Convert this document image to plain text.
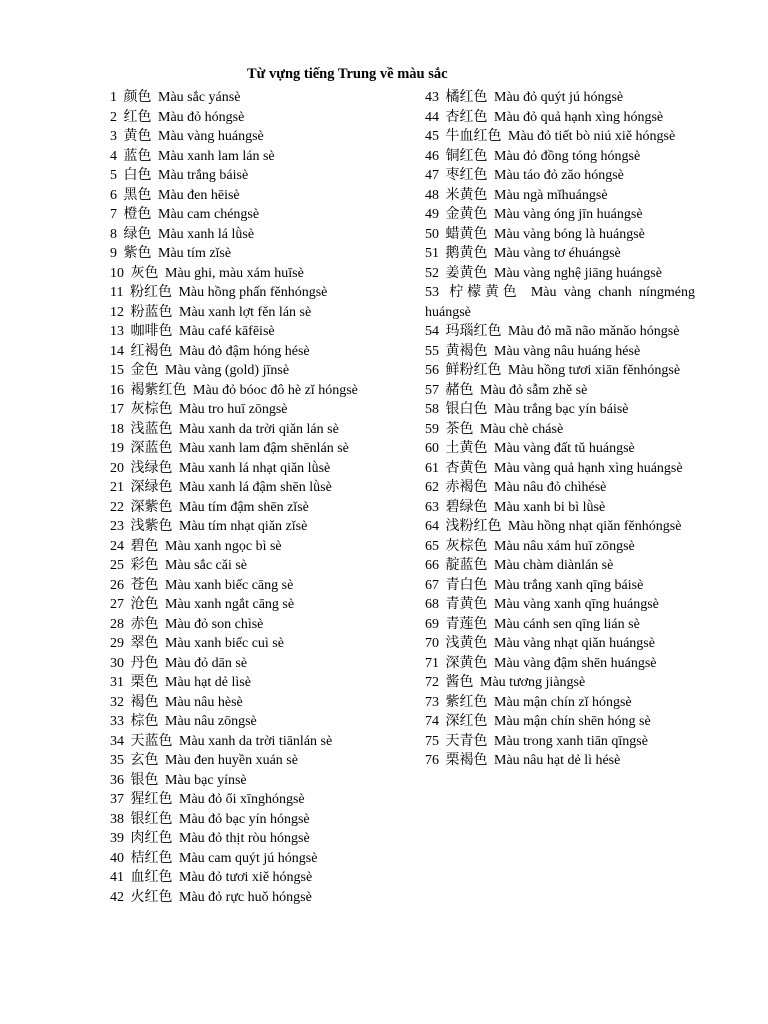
Từ vựng tiếng Trung về màu sắc
1 颜色 Màu sắc yánsè
2 红色 Màu đỏ hóngsè
3 黄色 Màu vàng huángsè
4 蓝色 Màu xanh lam lán sè
5 白色 Màu trắng báisè
6 黑色 Màu đen hēisè
7 橙色 Màu cam chéngsè
8 绿色 Màu xanh lá lǜsè
9 紫色 Màu tím zǐsè
10 灰色 Màu ghi, màu xám huīsè
11 粉红色 Màu hồng phấn fěnhóngsè
12 粉蓝色 Màu xanh lợt fěn lán sè
13 咖啡色 Màu café kāfēisè
14 红褐色 Màu đỏ đậm hóng hésè
15 金色 Màu vàng (gold) jīnsè
16 褐紫红色 Màu đỏ bóoc đô hè zǐ hóngsè
17 灰棕色 Màu tro huī zōngsè
18 浅蓝色 Màu xanh da trời qiǎn lán sè
19 深蓝色 Màu xanh lam đậm shēnlán sè
20 浅绿色 Màu xanh lá nhạt qiǎn lǜsè
21 深绿色 Màu xanh lá đậm shēn lǜsè
22 深紫色 Màu tím đậm shēn zǐsè
23 浅紫色 Màu tím nhạt qiǎn zǐsè
24 碧色 Màu xanh ngọc bì sè
25 彩色 Màu sắc cǎi sè
26 苍色 Màu xanh biếc cāng sè
27 沧色 Màu xanh ngắt cāng sè
28 赤色 Màu đỏ son chìsè
29 翠色 Màu xanh biếc cuì sè
30 丹色 Màu đỏ dān sè
31 栗色 Màu hạt dẻ lìsè
32 褐色 Màu nâu hèsè
33 棕色 Màu nâu zōngsè
34 天蓝色 Màu xanh da trời tiānlán sè
35 玄色 Màu đen huyền xuán sè
36 银色 Màu bạc yínsè
37 猩红色 Màu đỏ ổi xīnghóngsè
38 银红色 Màu đỏ bạc yín hóngsè
39 肉红色 Màu đỏ thịt ròu hóngsè
40 桔红色 Màu cam quýt jú hóngsè
41 血红色 Màu đỏ tươi xiě hóngsè
42 火红色 Màu đỏ rực huǒ hóngsè
43 橘红色 Màu đỏ quýt jú hóngsè
44 杏红色 Màu đỏ quả hạnh xìng hóngsè
45 牛血红色 Màu đỏ tiết bò niú xiě hóngsè
46 铜红色 Màu đỏ đồng tóng hóngsè
47 枣红色 Màu táo đỏ zǎo hóngsè
48 米黄色 Màu ngà mǐhuángsè
49 金黄色 Màu vàng óng jīn huángsè
50 蜡黄色 Màu vàng bóng là huángsè
51 鹅黄色 Màu vàng tơ éhuángsè
52 姜黄色 Màu vàng nghệ jiāng huángsè
53 柠檬黄色 Màu vàng chanh níngméng huángsè
54 玛瑙红色 Màu đỏ mã não mǎnǎo hóngsè
55 黄褐色 Màu vàng nâu huáng hésè
56 鲜粉红色 Màu hồng tươi xiān fěnhóngsè
57 赭色 Màu đỏ sẫm zhě sè
58 银白色 Màu trắng bạc yín báisè
59 茶色 Màu chè chásè
60 土黄色 Màu vàng đất tǔ huángsè
61 杏黄色 Màu vàng quả hạnh xìng huángsè
62 赤褐色 Màu nâu đỏ chìhésè
63 碧绿色 Màu xanh bi bì lǜsè
64 浅粉红色 Màu hồng nhạt qiǎn fěnhóngsè
65 灰棕色 Màu nâu xám huī zōngsè
66 靛蓝色 Màu chàm diànlán sè
67 青白色 Màu trắng xanh qīng báisè
68 青黄色 Màu vàng xanh qīng huángsè
69 青莲色 Màu cánh sen qīng lián sè
70 浅黄色 Màu vàng nhạt qiǎn huángsè
71 深黄色 Màu vàng đậm shēn huángsè
72 酱色 Màu tương jiàngsè
73 紫红色 Màu mận chín zǐ hóngsè
74 深红色 Màu mận chín shēn hóng sè
75 天青色 Màu trong xanh tiān qīngsè
76 栗褐色 Màu nâu hạt dẻ lì hésè
